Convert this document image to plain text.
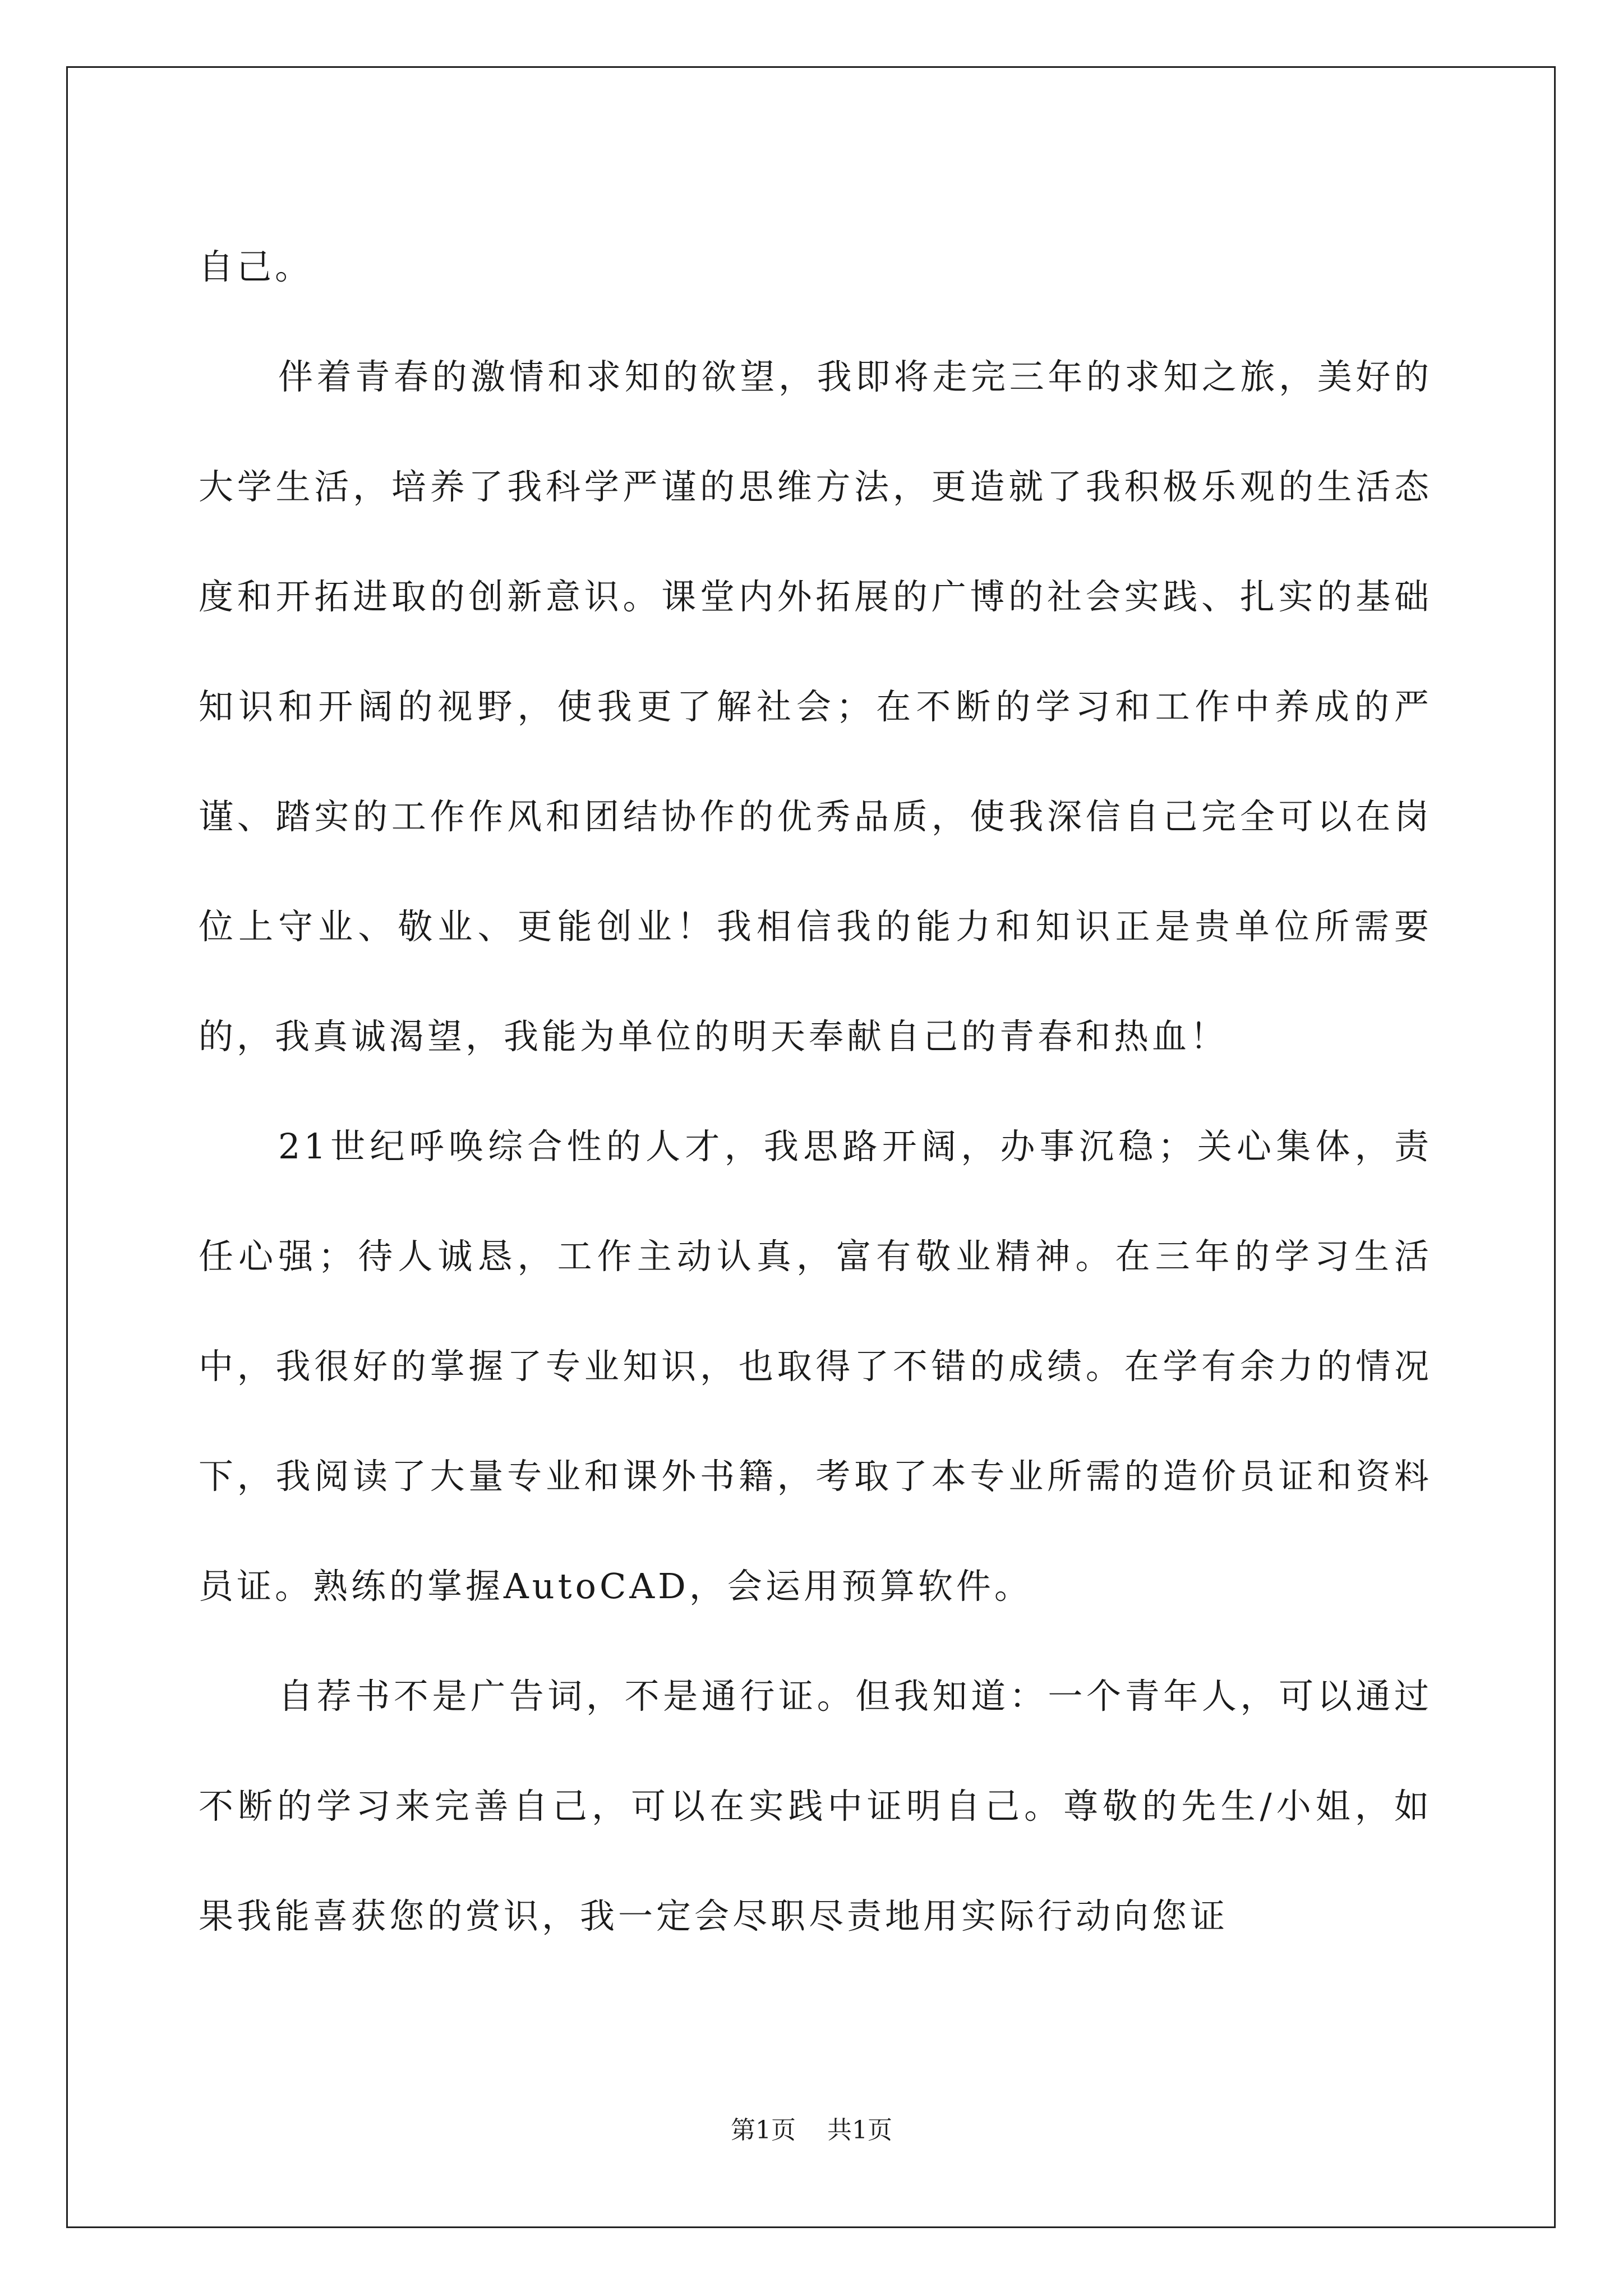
自己。

伴着青春的激情和求知的欲望，我即将走完三年的求知之旅，美好的大学生活，培养了我科学严谨的思维方法，更造就了我积极乐观的生活态度和开拓进取的创新意识。课堂内外拓展的广博的社会实践、扎实的基础知识和开阔的视野，使我更了解社会；在不断的学习和工作中养成的严谨、踏实的工作作风和团结协作的优秀品质，使我深信自己完全可以在岗位上守业、敬业、更能创业！我相信我的能力和知识正是贵单位所需要的，我真诚渴望，我能为单位的明天奉献自己的青春和热血！

21世纪呼唤综合性的人才，我思路开阔，办事沉稳；关心集体，责任心强；待人诚恳，工作主动认真，富有敬业精神。在三年的学习生活中，我很好的掌握了专业知识，也取得了不错的成绩。在学有余力的情况下，我阅读了大量专业和课外书籍，考取了本专业所需的造价员证和资料员证。熟练的掌握AutoCAD，会运用预算软件。

自荐书不是广告词，不是通行证。但我知道：一个青年人，可以通过不断的学习来完善自己，可以在实践中证明自己。尊敬的先生/小姐，如果我能喜获您的赏识，我一定会尽职尽责地用实际行动向您证

第1页 共1页
